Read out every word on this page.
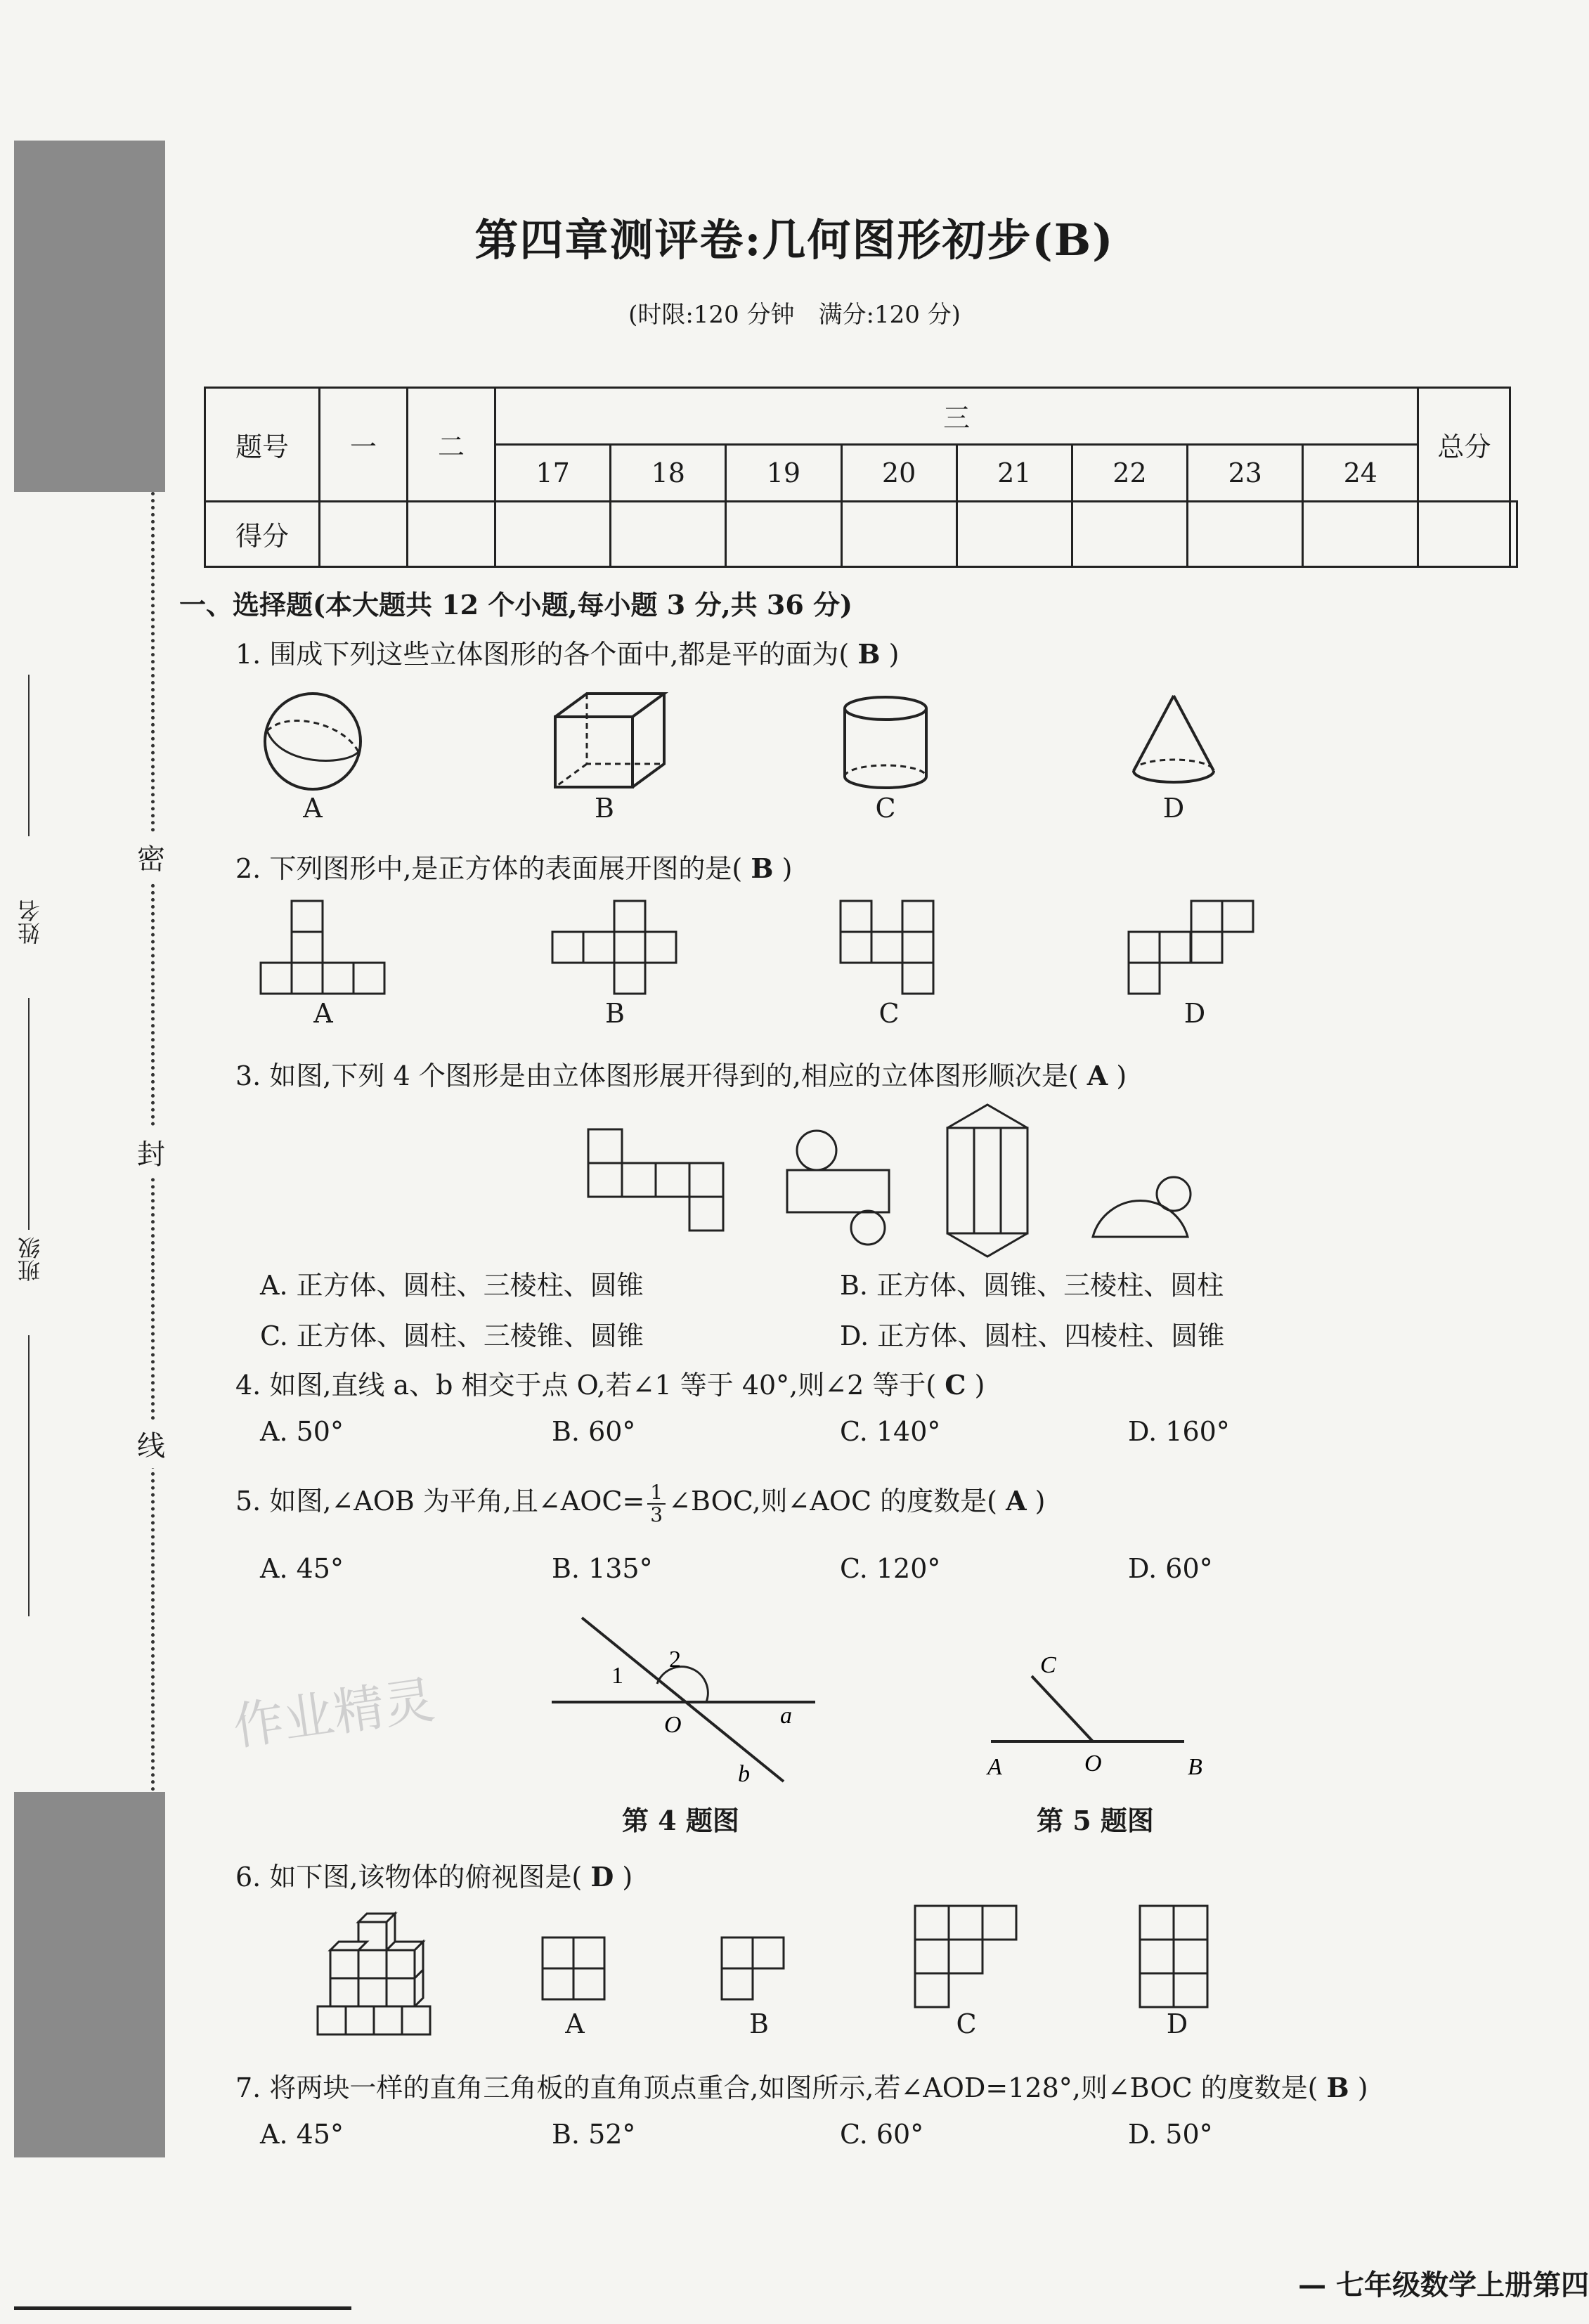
密
封
线
姓名
班级
第四章测评卷:几何图形初步(B)
(时限:120 分钟　满分:120 分)
题号	一	二	三								总分	
			17	18	19	20	21	22	23	24		
得分												
一、选择题(本大题共 12 个小题,每小题 3 分,共 36 分)
1. 围成下列这些立体图形的各个面中,都是平的面为( B )
A	B	C	D
2. 下列图形中,是正方体的表面展开图的是( B )
A	B	C	D
3. 如图,下列 4 个图形是由立体图形展开得到的,相应的立体图形顺次是( A )
A. 正方体、圆柱、三棱柱、圆锥	B. 正方体、圆锥、三棱柱、圆柱
C. 正方体、圆柱、三棱锥、圆锥	D. 正方体、圆柱、四棱柱、圆锥
4. 如图,直线 a、b 相交于点 O,若∠1 等于 40°,则∠2 等于( C )
A. 50°	B. 60°	C. 140°	D. 160°
5. 如图,∠AOB 为平角,且∠AOC= $\frac{1}{3}$ ∠BOC,则∠AOC 的度数是( A )
A. 45°	B. 135°	C. 120°	D. 60°
1
2
O	a
b
第 4 题图
C
A	O	B
第 5 题图
作业精灵
6. 如下图,该物体的俯视图是( D )
A	B	C	D
7. 将两块一样的直角三角板的直角顶点重合,如图所示,若∠AOD=128°,则∠BOC 的度数是( B )
A. 45°	B. 52°	C. 60°	D. 50°
— 七年级数学上册第四
